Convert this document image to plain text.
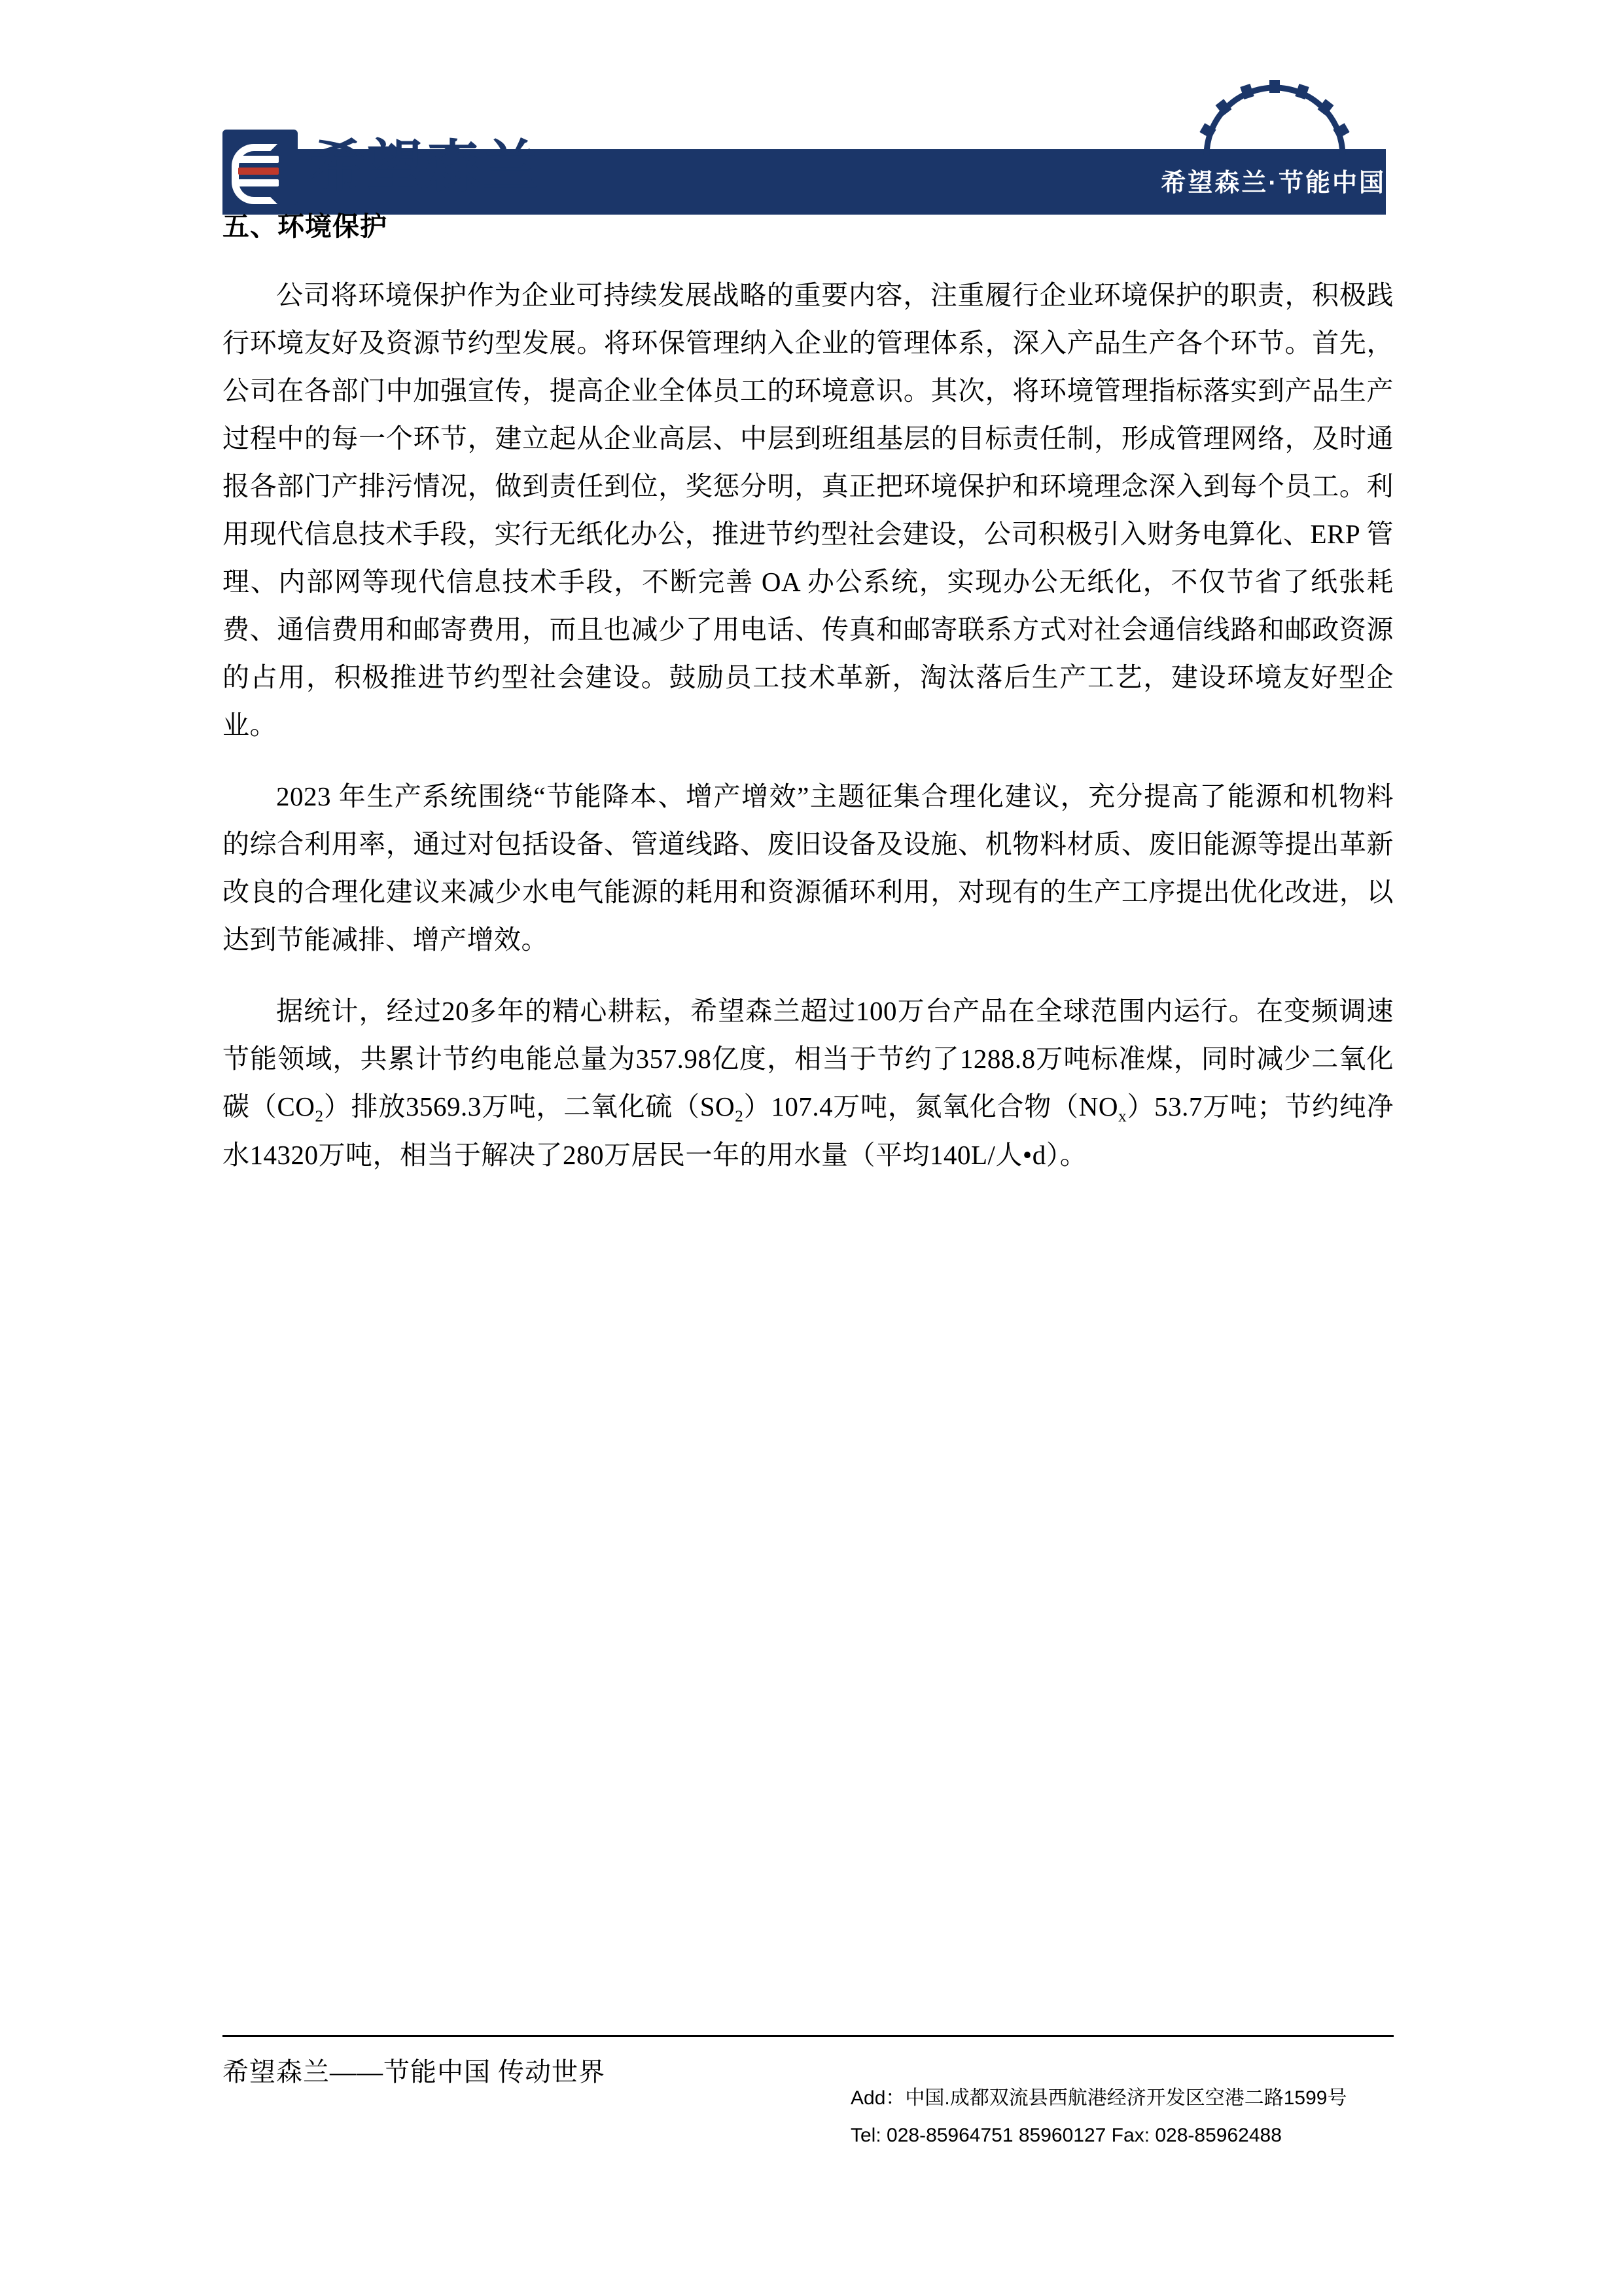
希望森兰	希望森兰·节能中国
五、环境保护

公司将环境保护作为企业可持续发展战略的重要内容，注重履行企业环境保护的职责，积极践行环境友好及资源节约型发展。将环保管理纳入企业的管理体系，深入产品生产各个环节。首先，公司在各部门中加强宣传，提高企业全体员工的环境意识。其次，将环境管理指标落实到产品生产过程中的每一个环节，建立起从企业高层、中层到班组基层的目标责任制，形成管理网络，及时通报各部门产排污情况，做到责任到位，奖惩分明，真正把环境保护和环境理念深入到每个员工。利用现代信息技术手段，实行无纸化办公，推进节约型社会建设，公司积极引入财务电算化、ERP 管理、内部网等现代信息技术手段，不断完善 OA 办公系统，实现办公无纸化，不仅节省了纸张耗费、通信费用和邮寄费用，而且也减少了用电话、传真和邮寄联系方式对社会通信线路和邮政资源的占用，积极推进节约型社会建设。鼓励员工技术革新，淘汰落后生产工艺，建设环境友好型企业。

2023 年生产系统围绕“节能降本、增产增效”主题征集合理化建议，充分提高了能源和机物料的综合利用率，通过对包括设备、管道线路、废旧设备及设施、机物料材质、废旧能源等提出革新改良的合理化建议来减少水电气能源的耗用和资源循环利用，对现有的生产工序提出优化改进，以达到节能减排、增产增效。

据统计，经过20多年的精心耕耘，希望森兰超过100万台产品在全球范围内运行。在变频调速节能领域，共累计节约电能总量为357.98亿度，相当于节约了1288.8万吨标准煤，同时减少二氧化碳$(CO_2)$排放3569.3万吨，二氧化硫$(SO_2)107.4$万吨，氮氧化合物$(NO_x)53.7$万吨；节约纯净水14320万吨，相当于解决了280万居民一年的用水量（平均140L/人•d）。

希望森兰——节能中国 传动世界
Add：中国.成都双流县西航港经济开发区空港二路1599号
Tel: 028-85964751 85960127 Fax: 028-85962488
